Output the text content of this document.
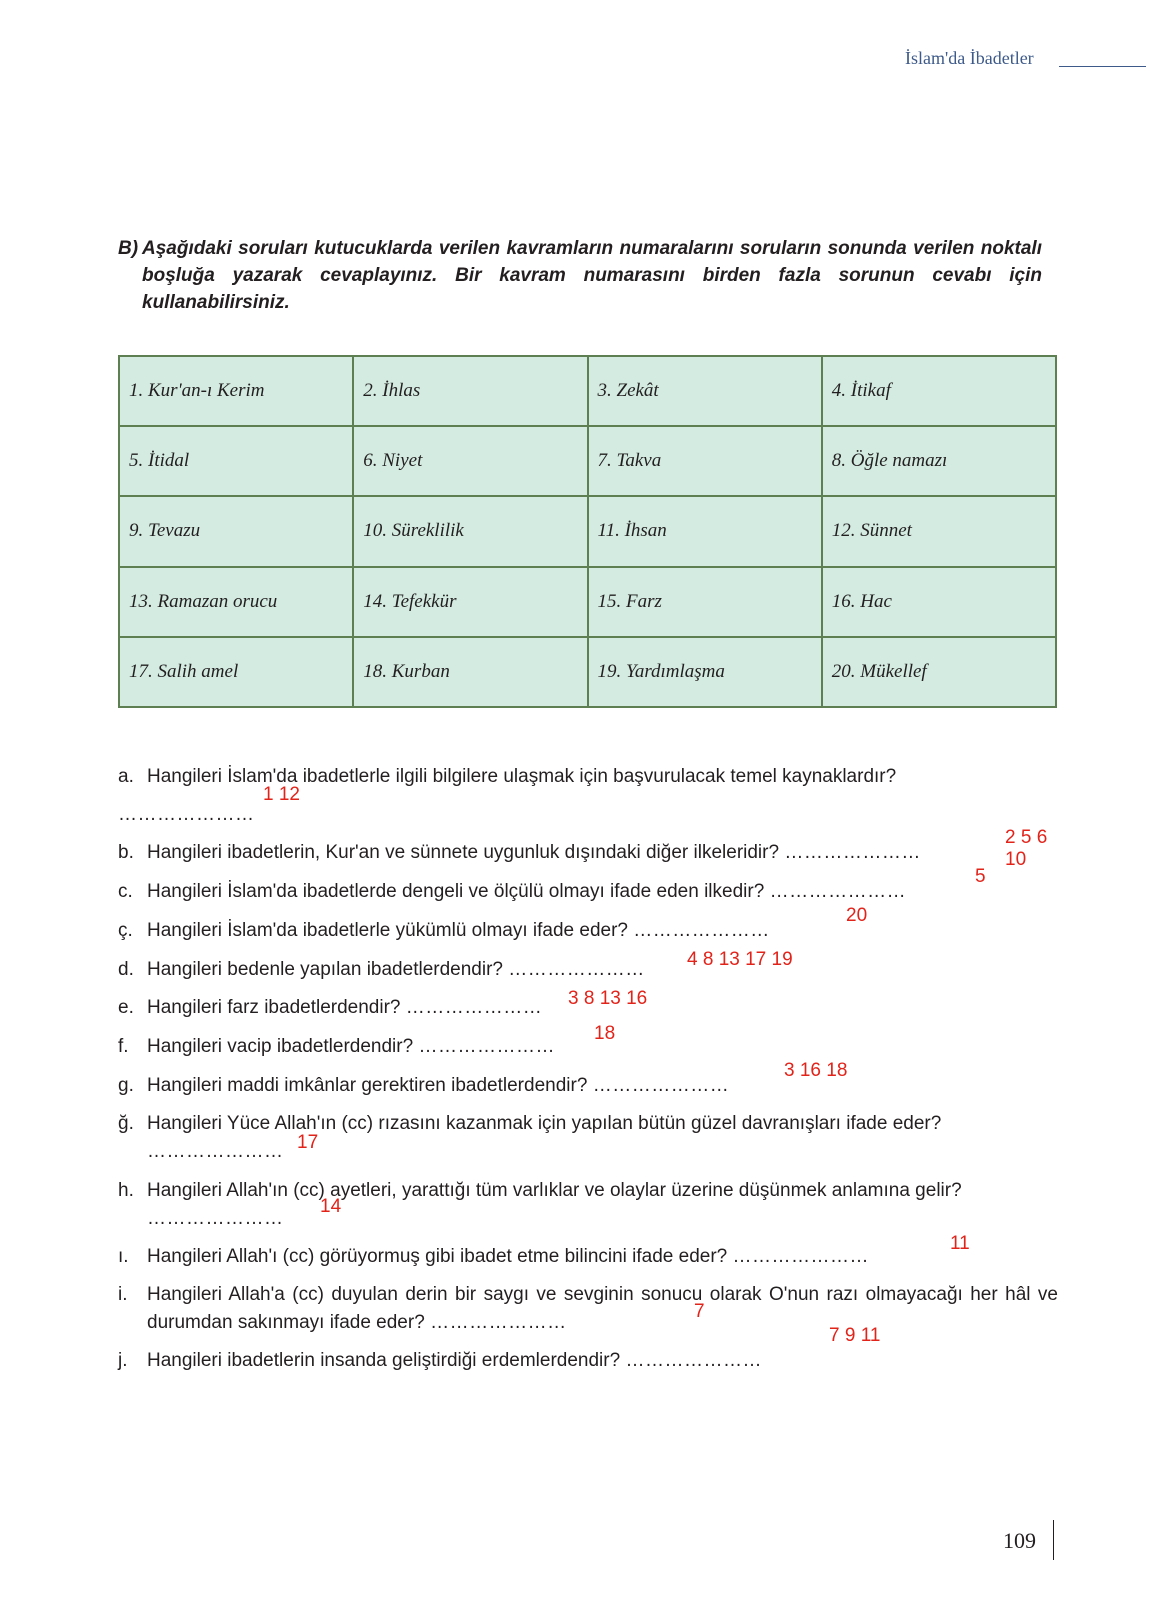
İslam'da İbadetler
B) Aşağıdaki soruları kutucuklarda verilen kavramların numaralarını soruların sonunda verilen noktalı boşluğa yazarak cevaplayınız. Bir kavram numarasını birden fazla sorunun cevabı için kullanabilirsiniz.
1. Kur'an-ı Kerim	2. İhlas	3. Zekât	4. İtikaf
5. İtidal	6. Niyet	7. Takva	8. Öğle namazı
9. Tevazu	10. Süreklilik	11. İhsan	12. Sünnet
13. Ramazan orucu	14. Tefekkür	15. Farz	16. Hac
17. Salih amel	18. Kurban	19. Yardımlaşma	20. Mükellef
a. Hangileri İslam'da ibadetlerle ilgili bilgilere ulaşmak için başvurulacak temel kaynaklardır?
…………………
1 12
b. Hangileri ibadetlerin, Kur'an ve sünnete uygunluk dışındaki diğer ilkeleridir? …………………
2 5 6 10
c. Hangileri İslam'da ibadetlerde dengeli ve ölçülü olmayı ifade eden ilkedir? …………………
5
ç. Hangileri İslam'da ibadetlerle yükümlü olmayı ifade eder? …………………
20
d. Hangileri bedenle yapılan ibadetlerdendir? …………………	4 8 13 17 19
e. Hangileri farz ibadetlerdendir? …………………	3 8 13 16
f. Hangileri vacip ibadetlerdendir? …………………
18
g. Hangileri maddi imkânlar gerektiren ibadetlerdendir? …………………
3 16 18
ğ. Hangileri Yüce Allah'ın (cc) rızasını kazanmak için yapılan bütün güzel davranışları ifade eder?
………………… 17
h. Hangileri Allah'ın (cc) ayetleri, yarattığı tüm varlıklar ve olaylar üzerine düşünmek anlamına gelir?
…………………
14
ı. Hangileri Allah'ı (cc) görüyormuş gibi ibadet etme bilincini ifade eder? …………………
11
i. Hangileri Allah'a (cc) duyulan derin bir saygı ve sevginin sonucu olarak O'nun razı olmayacağı her hâl ve durumdan sakınmayı ifade eder? …………………
7
j. Hangileri ibadetlerin insanda geliştirdiği erdemlerdendir? …………………
7 9 11
109
